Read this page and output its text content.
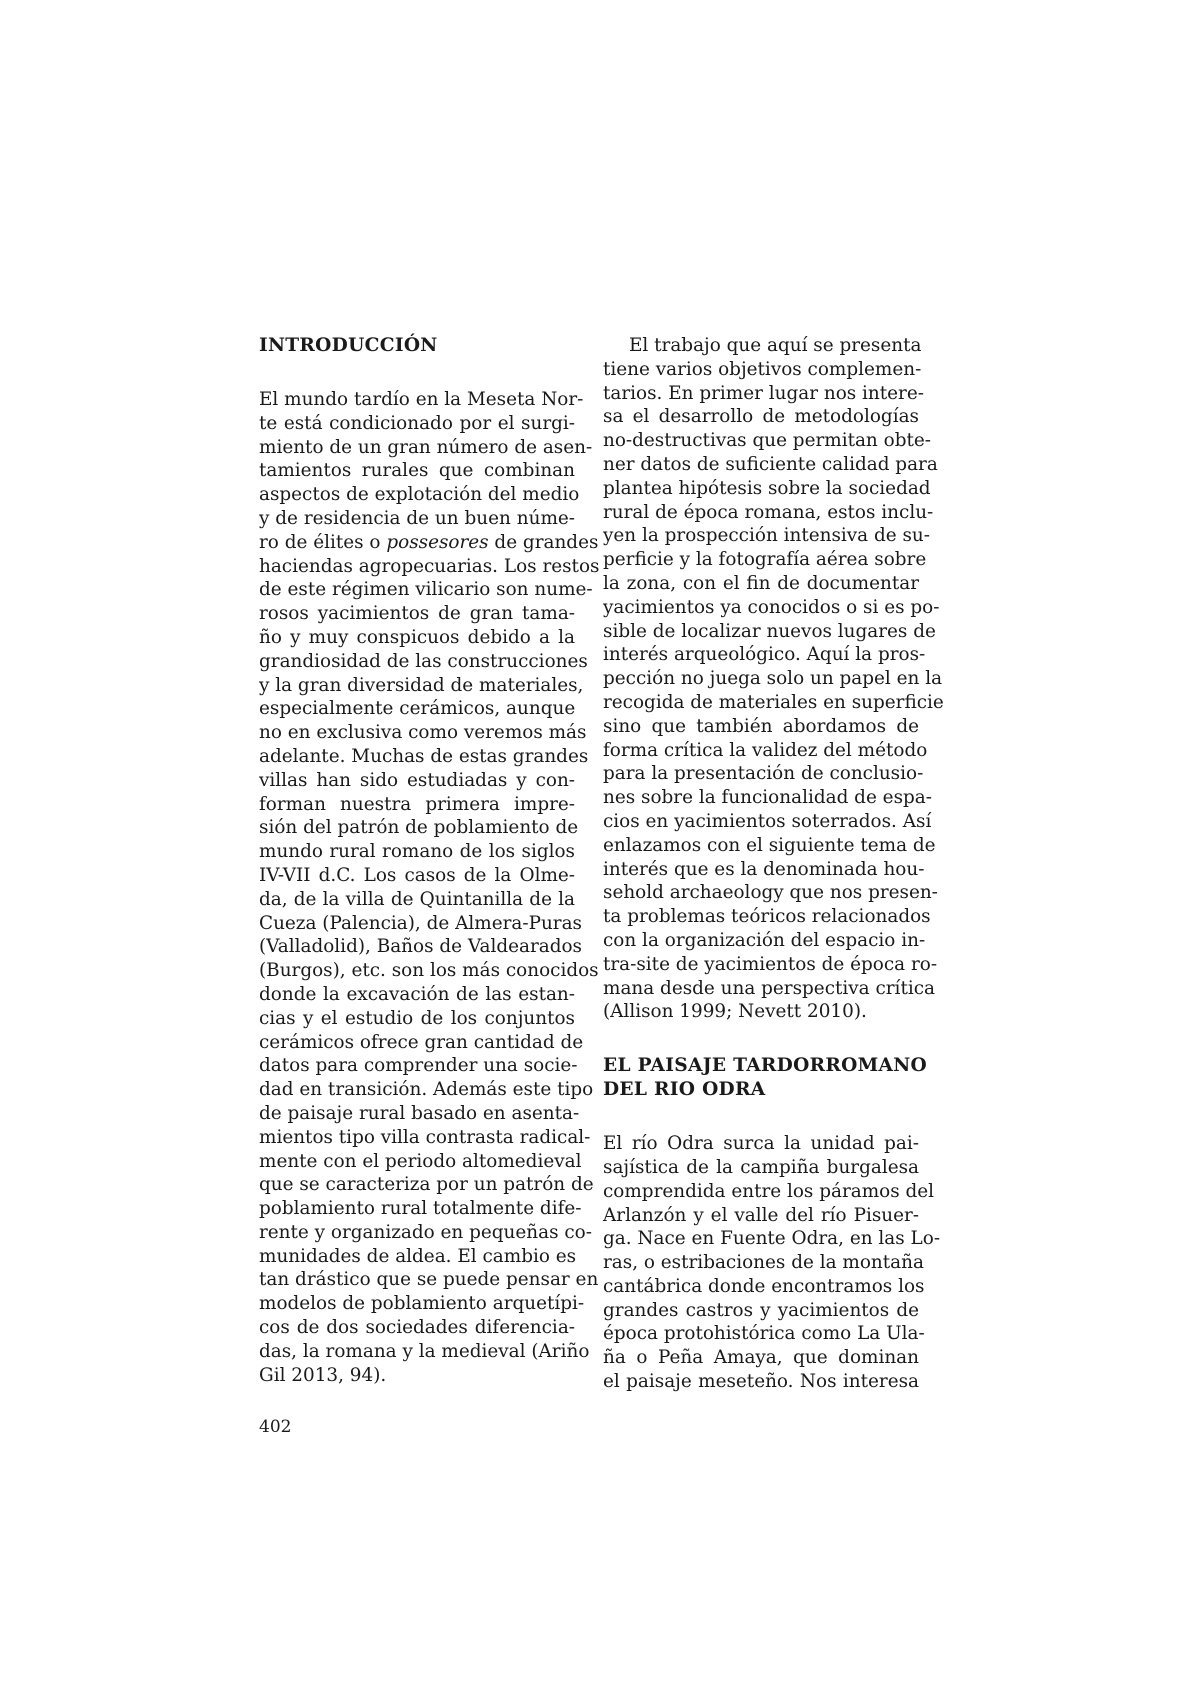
INTRODUCCIÓN
El mundo tardío en la Meseta Nor-
te está condicionado por el surgi-
miento de un gran número de asen-
tamientos rurales que combinan
aspectos de explotación del medio
y de residencia de un buen núme-
ro de élites o possesores de grandes
haciendas agropecuarias. Los restos
de este régimen vilicario son nume-
rosos yacimientos de gran tama-
ño y muy conspicuos debido a la
grandiosidad de las construcciones
y la gran diversidad de materiales,
especialmente cerámicos, aunque
no en exclusiva como veremos más
adelante. Muchas de estas grandes
villas han sido estudiadas y con-
forman nuestra primera impre-
sión del patrón de poblamiento de
mundo rural romano de los siglos
IV-VII d.C. Los casos de la Olme-
da, de la villa de Quintanilla de la
Cueza (Palencia), de Almera-Puras
(Valladolid), Baños de Valdearados
(Burgos), etc. son los más conocidos
donde la excavación de las estan-
cias y el estudio de los conjuntos
cerámicos ofrece gran cantidad de
datos para comprender una socie-
dad en transición. Además este tipo
de paisaje rural basado en asenta-
mientos tipo villa contrasta radical-
mente con el periodo altomedieval
que se caracteriza por un patrón de
poblamiento rural totalmente dife-
rente y organizado en pequeñas co-
munidades de aldea. El cambio es
tan drástico que se puede pensar en
modelos de poblamiento arquetípi-
cos de dos sociedades diferencia-
das, la romana y la medieval (Ariño
Gil 2013, 94).
El trabajo que aquí se presenta
tiene varios objetivos complemen-
tarios. En primer lugar nos intere-
sa el desarrollo de metodologías
no-destructivas que permitan obte-
ner datos de suficiente calidad para
plantea hipótesis sobre la sociedad
rural de época romana, estos inclu-
yen la prospección intensiva de su-
perficie y la fotografía aérea sobre
la zona, con el fin de documentar
yacimientos ya conocidos o si es po-
sible de localizar nuevos lugares de
interés arqueológico. Aquí la pros-
pección no juega solo un papel en la
recogida de materiales en superficie
sino que también abordamos de
forma crítica la validez del método
para la presentación de conclusio-
nes sobre la funcionalidad de espa-
cios en yacimientos soterrados. Así
enlazamos con el siguiente tema de
interés que es la denominada hou-
sehold archaeology que nos presen-
ta problemas teóricos relacionados
con la organización del espacio in-
tra-site de yacimientos de época ro-
mana desde una perspectiva crítica
(Allison 1999; Nevett 2010).
EL PAISAJE TARDORROMANO
DEL RIO ODRA
El río Odra surca la unidad pai-
sajística de la campiña burgalesa
comprendida entre los páramos del
Arlanzón y el valle del río Pisuer-
ga. Nace en Fuente Odra, en las Lo-
ras, o estribaciones de la montaña
cantábrica donde encontramos los
grandes castros y yacimientos de
época protohistórica como La Ula-
ña o Peña Amaya, que dominan
el paisaje meseteño. Nos interesa
402
